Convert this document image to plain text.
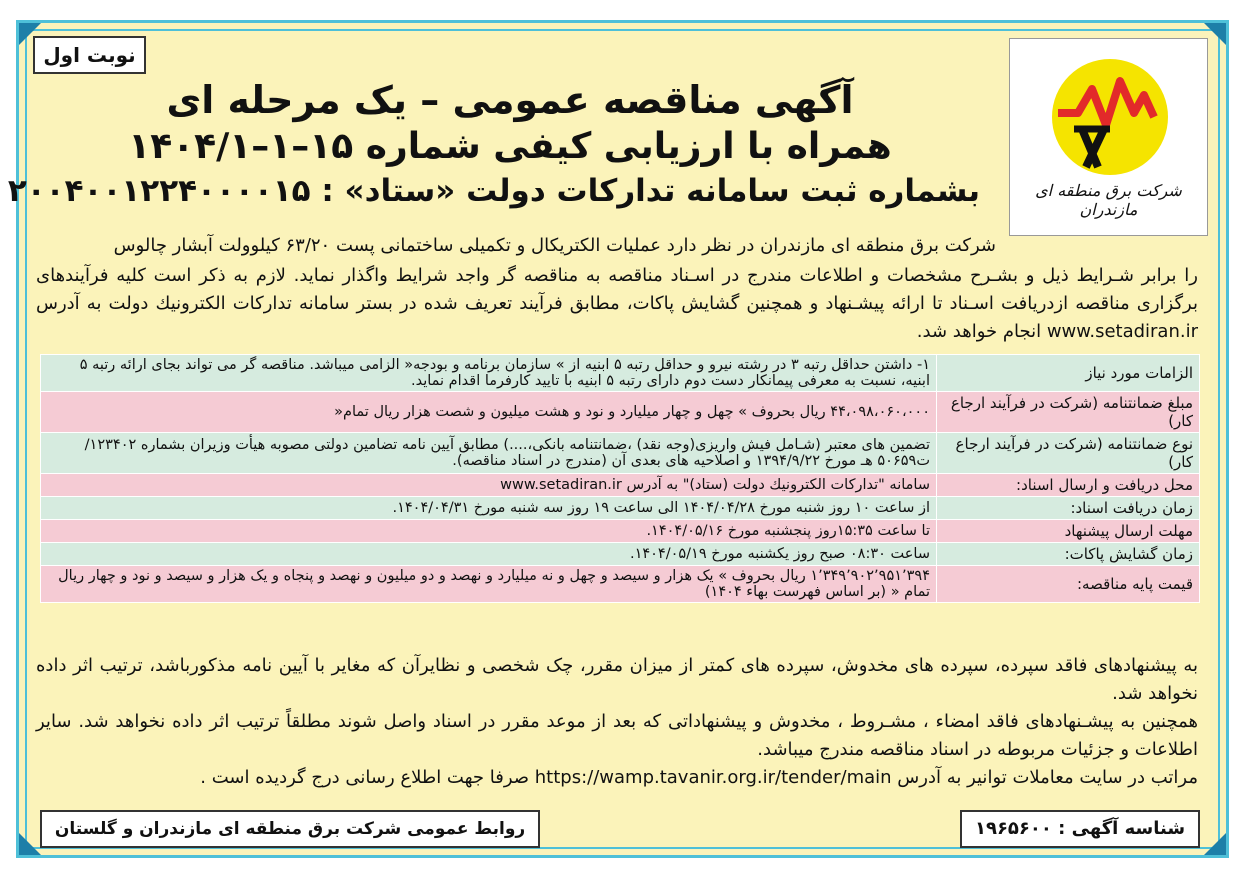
نوبت اول
شرکت برق منطقه ای مازندران
آگهی مناقصه عمومی – یک مرحله ای
همراه با ارزیابی کیفی شماره ۱۵–۱–۱۴۰۴/۱
بشماره ثبت سامانه تدارکات دولت «ستاد» : ۲۰۰۴۰۰۱۲۲۴۰۰۰۰۱۵
شرکت برق منطقه ای مازندران در نظر دارد عملیات الکتریکال و تکمیلی ساختمانی پست ۶۳/۲۰ کیلوولت آبشار چالوس
را برابر شـرایط ذیل و بشـرح مشخصات و اطلاعات مندرج در اسـناد مناقصه به مناقصه گر واجد شرایط واگذار نماید. لازم به ذکر است کلیه فرآیندهای برگزاری مناقصه ازدریافت اسـناد تا ارائه پیشـنهاد و همچنین گشایش پاکات، مطابق فرآیند تعریف شده در بستر سامانه تدارکات الکترونیك دولت به آدرس www.setadiran.ir انجام خواهد شد.
الزامات مورد نیاز	۱- داشتن حداقل رتبه ۳ در رشته نیرو و حداقل رتبه ۵ ابنیه از » سازمان برنامه و بودجه« الزامی میباشد. مناقصه گر می تواند بجای ارائه رتبه ۵ ابنیه، نسبت به معرفی پیمانکار دست دوم دارای رتبه ۵ ابنیه با تایید کارفرما اقدام نماید.
مبلغ ضمانتنامه (شرکت در فرآیند ارجاع کار)	۴۴،۰۹۸،۰۶۰،۰۰۰ ریال بحروف » چهل و چهار میلیارد و نود و هشت میلیون و شصت هزار ریال تمام«
نوع ضمانتنامه (شرکت در فرآیند ارجاع کار)	تضمین های معتبر (شـامل فیش واریزی(وجه نقد) ،ضمانتنامه بانکی،....) مطابق آیین نامه تضامین دولتی مصوبه هیأت وزیران بشماره ۱۲۳۴۰۲/ت۵۰۶۵۹ هـ مورخ ۱۳۹۴/۹/۲۲ و اصلاحیه های بعدی آن (مندرج در اسناد مناقصه).
محل دریافت و ارسال اسناد:	سامانه "تدارکات الکترونیك دولت (ستاد)" به آدرس www.setadiran.ir
زمان دریافت اسناد:	از ساعت ۱۰ روز شنبه مورخ ۱۴۰۴/۰۴/۲۸ الی ساعت ۱۹ روز سه شنبه مورخ ۱۴۰۴/۰۴/۳۱.
مهلت ارسال پیشنهاد	تا ساعت ۱۵:۳۵روز پنجشنبه مورخ ۱۴۰۴/۰۵/۱۶.
زمان گشایش پاکات:	ساعت ۰۸:۳۰ صبح روز یکشنبه مورخ ۱۴۰۴/۰۵/۱۹.
قیمت پایه مناقصه:	۱٬۳۴۹٬۹۰۲٬۹۵۱٬۳۹۴ ریال بحروف » یک هزار و سیصد و چهل و نه میلیارد و نهصد و دو میلیون و نهصد و پنجاه و یک هزار و سیصد و نود و چهار ریال تمام « (بر اساس فهرست بهاء ۱۴۰۴)
به پیشنهادهای فاقد سپرده، سپرده های مخدوش، سپرده های کمتر از میزان مقرر، چک شخصی و نظایرآن که مغایر با آیین نامه مذکورباشد، ترتیب اثر داده نخواهد شد.
همچنین به پیشـنهادهای فاقد امضاء ، مشـروط ، مخدوش و پیشنهاداتی که بعد از موعد مقرر در اسناد واصل شوند مطلقاً ترتیب اثر داده نخواهد شد. سایر اطلاعات و جزئیات مربوطه در اسناد مناقصه مندرج میباشد.
مراتب در سایت معاملات توانیر به آدرس https://wamp.tavanir.org.ir/tender/main صرفا جهت اطلاع رسانی درج گردیده است .
روابط عمومی شرکت برق منطقه ای مازندران و گلستان	شناسه آگهی : ۱۹۶۵۶۰۰
